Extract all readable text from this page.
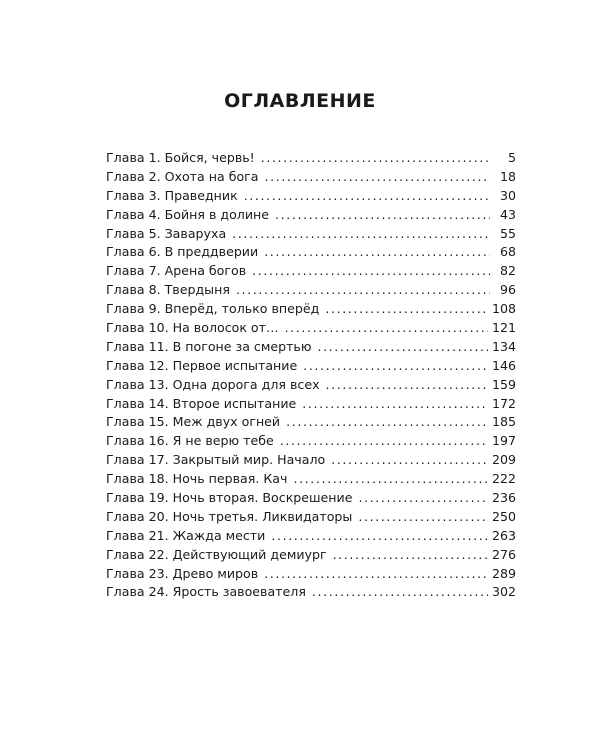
ОГЛАВЛЕНИЕ
Глава 1. Бойся, червь! . . .	5
Глава 2. Охота на бога . . .	18
Глава 3. Праведник . . .	30
Глава 4. Бойня в долине . . .	43
Глава 5. Заваруха . . .	55
Глава 6. В преддверии . . .	68
Глава 7. Арена богов . . .	82
Глава 8. Твердыня . . .	96
Глава 9. Вперёд, только вперёд . . .	108
Глава 10. На волосок от… . . .	121
Глава 11. В погоне за смертью . . .	134
Глава 12. Первое испытание . . .	146
Глава 13. Одна дорога для всех . . .	159
Глава 14. Второе испытание . . .	172
Глава 15. Меж двух огней . . .	185
Глава 16. Я не верю тебе . . .	197
Глава 17. Закрытый мир. Начало . . .	209
Глава 18. Ночь первая. Кач . . .	222
Глава 19. Ночь вторая. Воскрешение . . .	236
Глава 20. Ночь третья. Ликвидаторы . . .	250
Глава 21. Жажда мести . . .	263
Глава 22. Действующий демиург . . .	276
Глава 23. Древо миров . . .	289
Глава 24. Ярость завоевателя . . .	302
